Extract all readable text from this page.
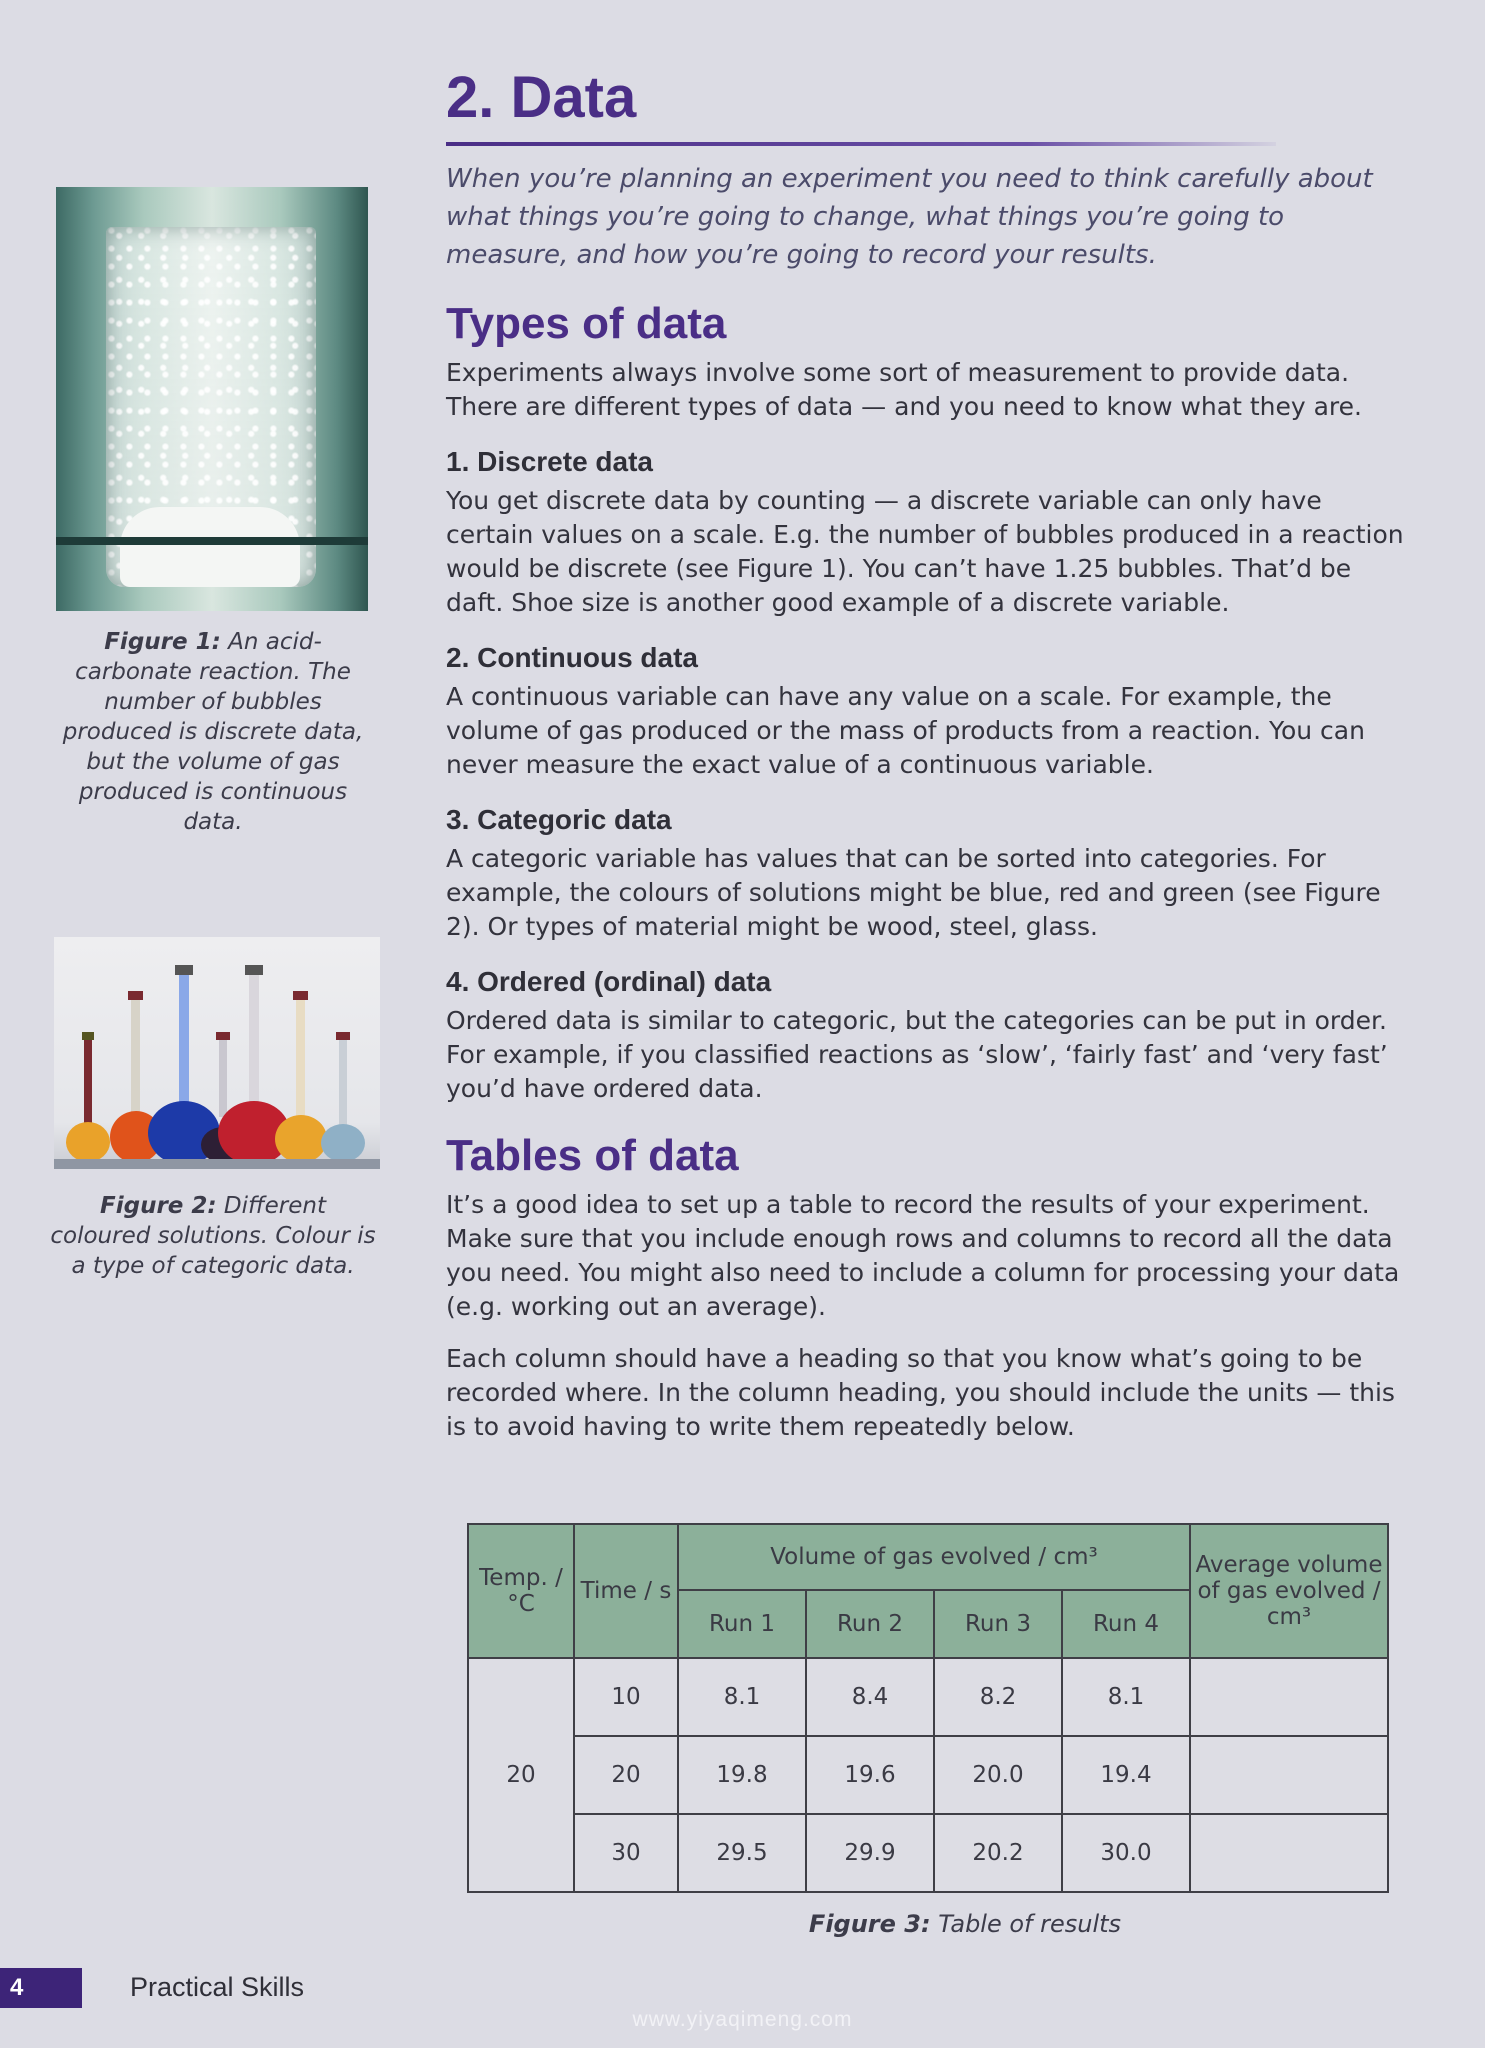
Figure 1: An acid-carbonate reaction. The number of bubbles produced is discrete data, but the volume of gas produced is continuous data.
Figure 2: Different coloured solutions. Colour is a type of categoric data.
2. Data

When you’re planning an experiment you need to think carefully about what things you’re going to change, what things you’re going to measure, and how you’re going to record your results.

Types of data

Experiments always involve some sort of measurement to provide data. There are different types of data — and you need to know what they are.

1. Discrete data

You get discrete data by counting — a discrete variable can only have certain values on a scale. E.g. the number of bubbles produced in a reaction would be discrete (see Figure 1). You can’t have 1.25 bubbles. That’d be daft. Shoe size is another good example of a discrete variable.

2. Continuous data

A continuous variable can have any value on a scale. For example, the volume of gas produced or the mass of products from a reaction. You can never measure the exact value of a continuous variable.

3. Categoric data

A categoric variable has values that can be sorted into categories. For example, the colours of solutions might be blue, red and green (see Figure 2). Or types of material might be wood, steel, glass.

4. Ordered (ordinal) data

Ordered data is similar to categoric, but the categories can be put in order. For example, if you classified reactions as ‘slow’, ‘fairly fast’ and ‘very fast’ you’d have ordered data.

Tables of data

It’s a good idea to set up a table to record the results of your experiment. Make sure that you include enough rows and columns to record all the data you need. You might also need to include a column for processing your data (e.g. working out an average).

Each column should have a heading so that you know what’s going to be recorded where. In the column heading, you should include the units — this is to avoid having to write them repeatedly below.

Temp. / °C	Time / s	Volume of gas evolved / cm³				Average volume of gas evolved / cm³
		Run 1	Run 2	Run 3	Run 4	
20	10	8.1	8.4	8.2	8.1	
	20	19.8	19.6	20.0	19.4	
	30	29.5	29.9	20.2	30.0	
Figure 3: Table of results
4	Practical Skills
www.yiyaqimeng.com
